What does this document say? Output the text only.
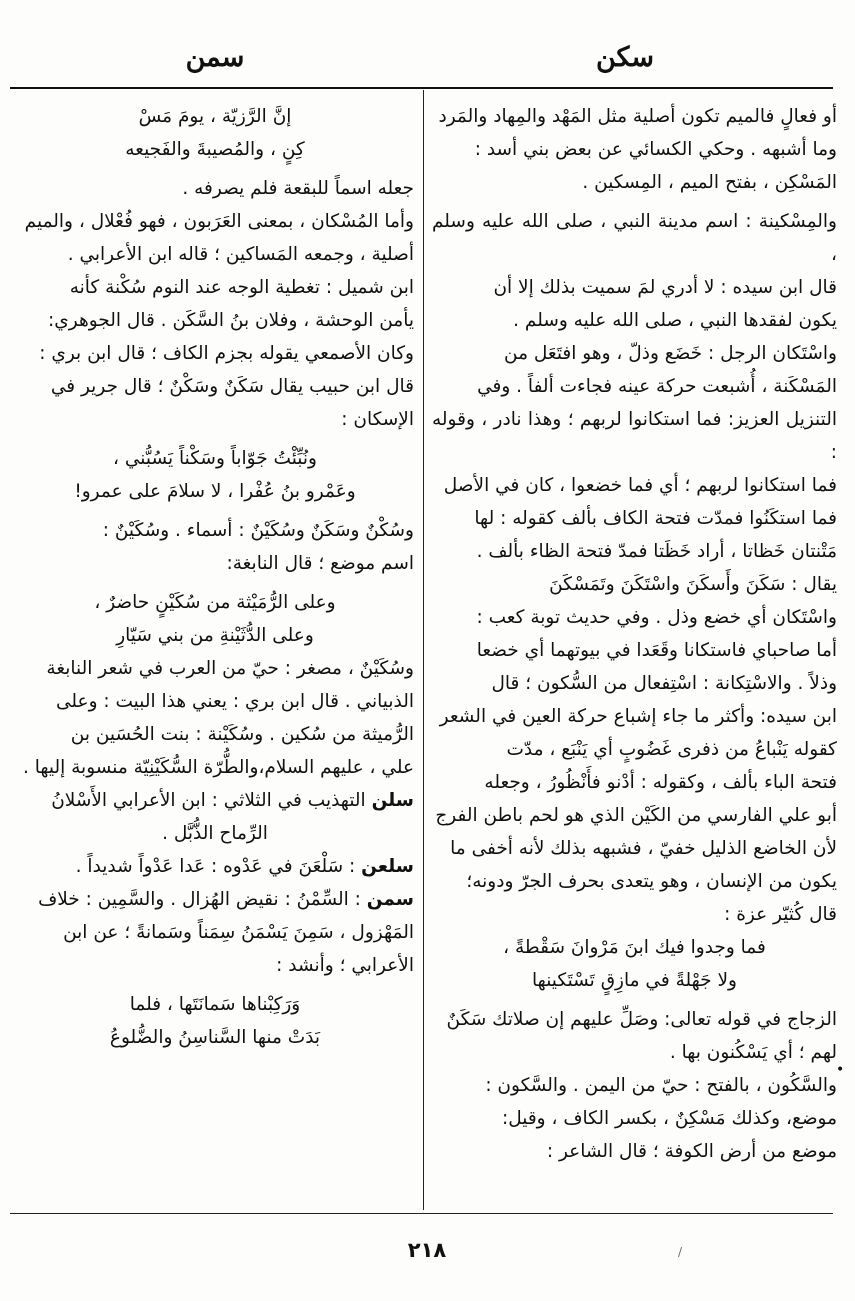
سكن
سمن

أو فعالٍ فالميم تكون أصلية مثل المَهْد والمِهاد والمَرد

وما أشبهه . وحكي الكسائي عن بعض بني أسد :

المَسْكِن ، بفتح الميم ، المِسكين .

والمِسْكينة : اسم مدينة النبي ، صلى الله عليه وسلم ،

قال ابن سيده : لا أدري لمَ سميت بذلك إلا أن

يكون لفقدها النبي ، صلى الله عليه وسلم .

واسْتَكان الرجل : خَضَع وذلّ ، وهو افتَعَل من

المَسْكَنة ، أُشبعت حركة عينه فجاءت ألفاً . وفي

التنزيل العزيز: فما استكانوا لربهم ؛ وهذا نادر ، وقوله :

فما استكانوا لربهم ؛ أي فما خضعوا ، كان في الأصل

فما استكَنُوا فمدّت فتحة الكاف بألف كقوله : لها

مَتْنتان خَظاتا ، أراد خَظَتا فمدّ فتحة الظاء بألف .

يقال : سَكَنَ وأَسكَنَ واسْتَكَنَ وتَمَسْكَنَ

واسْتَكان أي خضع وذل . وفي حديث توبة كعب :

أما صاحباي فاستكانا وقَعَدا في بيوتهما أي خضعا

وذلاً . والاسْتِكانة : اسْتِفعال من السُّكون ؛ قال

ابن سيده: وأكثر ما جاء إشباع حركة العين في الشعر

كقوله يَنْباعُ من ذفرى غَضُوبٍ أي يَنْبَع ، مدّت

فتحة الباء بألف ، وكقوله : أدْنو فأَنْظُورُ ، وجعله

أبو علي الفارسي من الكَيْن الذي هو لحم باطن الفرج

لأن الخاضع الذليل خفيّ ، فشبهه بذلك لأنه أخفى ما

يكون من الإنسان ، وهو يتعدى بحرف الجرّ ودونه؛

قال كُثيّر عزة :

فما وجدوا فيك ابنَ مَرْوانَ سَقْطةً ،

ولا جَهْلةً في مازِقٍ تَسْتَكينها

الزجاج في قوله تعالى: وصَلِّ عليهم إن صلاتك سَكَنٌ

لهم ؛ أي يَسْكُنون بها .

والسَّكُون ، بالفتح : حيّ من اليمن . والسَّكون :

موضع، وكذلك مَسْكِنٌ ، بكسر الكاف ، وقيل:

موضع من أرض الكوفة ؛ قال الشاعر :

إنَّ الرَّزيّة ، يومَ مَسْ

كِنٍ ، والمُصيبةَ والفَجيعه

جعله اسماً للبقعة فلم يصرفه .

وأما المُسْكان ، بمعنى العَرَبون ، فهو فُعْلال ، والميم

أصلية ، وجمعه المَساكين ؛ قاله ابن الأعرابي .

ابن شميل : تغطية الوجه عند النوم سُكْنة كأنه

يأمن الوحشة ، وفلان بنُ السَّكَن . قال الجوهري:

وكان الأصمعي يقوله بجزم الكاف ؛ قال ابن بري :

قال ابن حبيب يقال سَكَنٌ وسَكْنٌ ؛ قال جرير في

الإسكان :

ونُبِّئْتُ جَوّاباً وسَكْناً يَسُبُّني ،

وعَمْرو بنُ عُفْرا ، لا سلامَ على عمرو!

وسُكْنٌ وسَكَنٌ وسُكَيْنٌ : أسماء . وسُكَيْنٌ :

اسم موضع ؛ قال النابغة:

وعلى الرُّمَيْثة من سُكَيْنٍ حاضرٌ ،

وعلى الدُّثَيْنةِ من بني سَيّارِ

وسُكَيْنٌ ، مصغر : حيّ من العرب في شعر النابغة

الذبياني . قال ابن بري : يعني هذا البيت : وعلى

الرُّميثة من سُكين . وسُكَيْنة : بنت الحُسَين بن

علي ، عليهم السلام،والطُّرّة السُّكَيْنِيّة منسوبة إليها .

سلن التهذيب في الثلاثي : ابن الأعرابي الأَسْلانُ

الرِّماح الذُّبَّل .

سلعن : سَلْعَنَ في عَدْوه : عَدا عَدْواً شديداً .

سمن : السِّمْنُ : نقيض الهُزال . والسَّمِين : خلاف

المَهْزول ، سَمِنَ يَسْمَنُ سِمَناً وسَمانةً ؛ عن ابن

الأعرابي ؛ وأنشد :

وَرَكِبْناها سَمانَتَها ، فلما

بَدَتْ منها السَّناسِنُ والضُّلوعُ

•
٢١٨	/
